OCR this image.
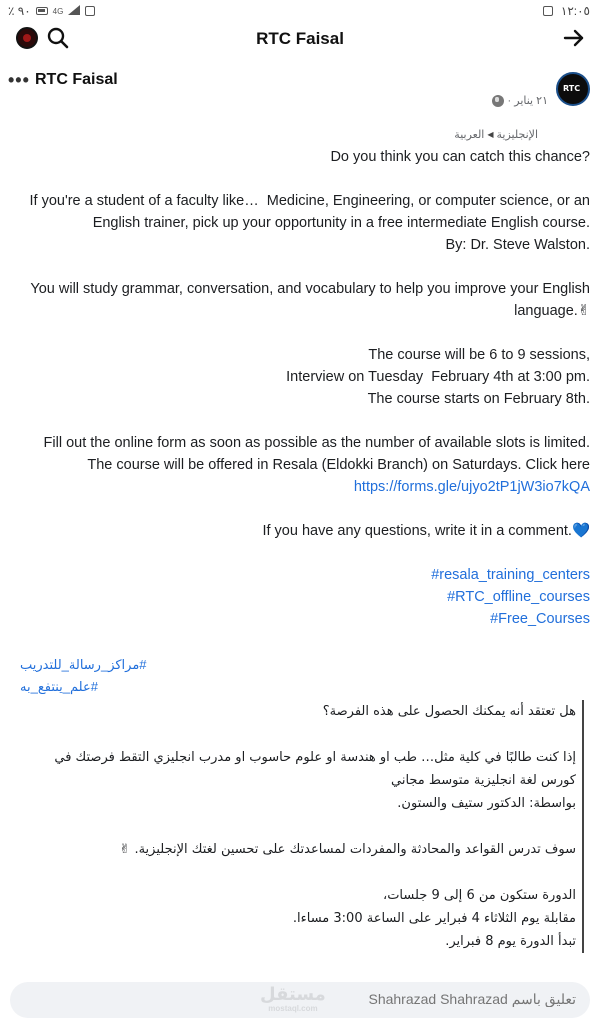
٪ ٩٠	4G	١٢:٠٥
RTC Faisal
••• RTC Faisal
RTC
٢١ يناير ·
الإنجليزية
◀
العربية

Do you think you can catch this chance?

If you're a student of a faculty like…  Medicine, Engineering, or computer science, or an English trainer, pick up your opportunity in a free intermediate English course.
By: Dr. Steve Walston.

You will study grammar, conversation, and vocabulary to help you improve your English language.✌

The course will be 6 to 9 sessions,
Interview on Tuesday  February 4th at 3:00 pm.
The course starts on February 8th.

Fill out the online form as soon as possible as the number of available slots is limited. The course will be offered in Resala (Eldokki Branch) on Saturdays. Click here

https://forms.gle/ujyo2tP1jW3io7kQA

If you have any questions, write it in a comment.💙

#resala_training_centers

#RTC_offline_courses

#Free_Courses

#مراكز_رسالة_للتدريب
#علم_ينتفع_به

هل تعتقد أنه يمكنك الحصول على هذه الفرصة؟

إذا كنت طالبًا في كلية مثل… طب او هندسة او علوم حاسوب او مدرب انجليزي التقط فرصتك في كورس لغة انجليزية متوسط مجاني
بواسطة: الدكتور ستيف والستون.

سوف تدرس القواعد والمحادثة والمفردات لمساعدتك على تحسين لغتك الإنجليزية. ✌

الدورة ستكون من 6 إلى 9 جلسات،
مقابلة يوم الثلاثاء 4 فبراير على الساعة 3:00 مساءا.
تبدأ الدورة يوم 8 فبراير.

مستقل
mostaql.com
تعليق باسم Shahrazad Shahrazad
